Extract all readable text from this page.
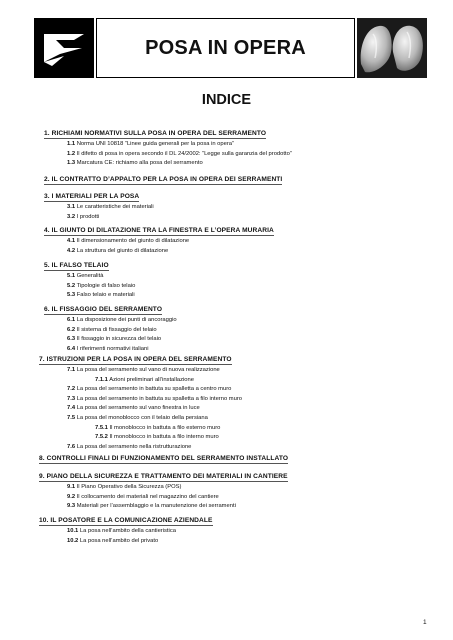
POSA IN OPERA
INDICE
1. RICHIAMI NORMATIVI SULLA POSA IN OPERA DEL SERRAMENTO
1.1 Norma UNI 10818 “Linee guida generali per la posa in opera”
1.2 Il difetto di posa in opera secondo il DL 24/2002: “Legge sulla garanzia del prodotto”
1.3 Marcatura CE: richiamo alla posa del serramento
2. IL CONTRATTO D’APPALTO PER LA POSA IN OPERA DEI SERRAMENTI
3. I MATERIALI PER LA POSA
3.1 Le caratteristiche dei materiali
3.2 I prodotti
4. IL GIUNTO DI DILATAZIONE TRA LA FINESTRA E L’OPERA MURARIA
4.1 Il dimensionamento del giunto di dilatazione
4.2 La struttura del giunto di dilatazione
5. IL FALSO TELAIO
5.1 Generalità
5.2 Tipologie di falso telaio
5.3 Falso telaio e materiali
6. IL FISSAGGIO DEL SERRAMENTO
6.1 La disposizione dei punti di ancoraggio
6.2 Il sistema di fissaggio del telaio
6.3 Il fissaggio in sicurezza del telaio
6.4 I riferimenti normativi italiani
7. ISTRUZIONI PER LA POSA IN OPERA DEL SERRAMENTO
7.1 La posa del serramento sul vano di nuova realizzazione
7.1.1 Azioni preliminari all’installazione
7.2 La posa del serramento in battuta su spalletta a centro muro
7.3 La posa del serramento in battuta su spalletta a filo interno muro
7.4 La posa del serramento sul vano finestra in luce
7.5 La posa del monoblocco con il telaio della persiana
7.5.1 Il monoblocco in battuta a filo esterno muro
7.5.2 Il monoblocco in battuta a filo interno muro
7.6 La posa del serramento nella ristrutturazione
8. CONTROLLI FINALI DI FUNZIONAMENTO DEL SERRAMENTO INSTALLATO
9. PIANO DELLA SICUREZZA E TRATTAMENTO DEI MATERIALI IN CANTIERE
9.1 Il Piano Operativo della Sicurezza (POS)
9.2 Il collocamento dei materiali nel magazzino del cantiere
9.3 Materiali per l’assemblaggio e la manutenzione dei serramenti
10. IL POSATORE E LA COMUNICAZIONE AZIENDALE
10.1 La posa nell’ambito della cantieristica
10.2 La posa nell’ambito del privato
1
